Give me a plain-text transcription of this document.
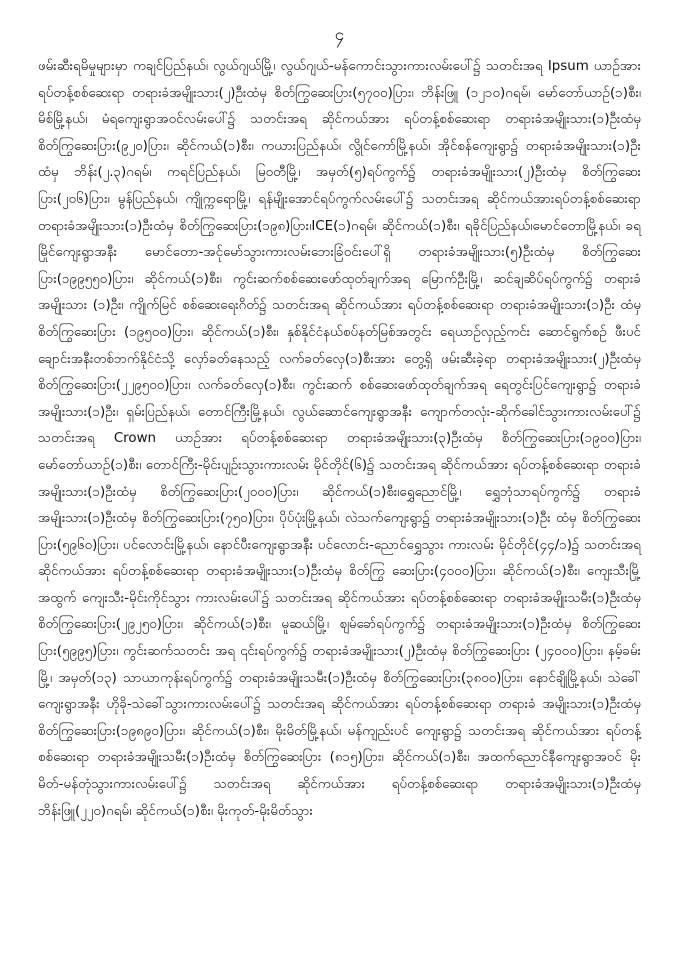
၄

ဖမ်းဆီးရမိမှုများမှာ ကချင်ပြည်နယ်၊ လွယ်ဂျယ်မြို့၊ လွယ်ဂျယ်-မန်ကောင်းသွားကားလမ်းပေါ်၌ သတင်းအရ Ipsum ယာဉ်အား ရပ်တန့်စစ်ဆေးရာ တရားခံအမျိုးသား(၂)ဦးထံမှ စိတ်ကြွဆေးပြား(၅၇၀၀)ပြား၊ ဘိန်းဖြူ (၁၂၁၀)ဂရမ်၊ မော်တော်ယာဉ်(၁)စီး၊ မိစ်မြို့နယ်၊ မံရကျေးရွာအဝင်လမ်းပေါ်၌ သတင်းအရ ဆိုင်ကယ်အား ရပ်တန့်စစ်ဆေးရာ တရားခံအမျိုးသား(၁)ဦးထံမှ စိတ်ကြွဆေးပြား(၉၂၀)ပြား၊ ဆိုင်ကယ်(၁)စီး၊ ကယားပြည်နယ်၊ လွိုင်ကော်မြို့နယ်၊ အိုင်စန်ကျေးရွာ၌ တရားခံအမျိုးသား(၁)ဦးထံမှ ဘိန်း(၂.၃)ဂရမ်၊ ကရင်ပြည်နယ်၊ မြဝတီမြို့၊ အမှတ်(၅)ရပ်ကွက်၌ တရားခံအမျိုးသား(၂)ဦးထံမှ စိတ်ကြွဆေးပြား(၂၀၆)ပြား၊ မွန်ပြည်နယ်၊ ကျိုက္ကရောမြို့၊ ရန်မျိုးအောင်ရပ်ကွက်လမ်းပေါ်၌ သတင်းအရ ဆိုင်ကယ်အားရပ်တန့်စစ်ဆေးရာ တရားခံအမျိုးသား(၁)ဦးထံမှ စိတ်ကြွဆေးပြား(၁၉၈)ပြား၊ICE(၁)ဂရမ်၊ ဆိုင်ကယ်(၁)စီး၊ ရခိုင်ပြည်နယ်၊မောင်တောမြို့နယ်၊ ခရမြိုင်ကျေးရွာအနီး မောင်တော-အင်ုမော်သွားကားလမ်းဘေးခြံဝင်းပေါ်ရှိ တရားခံအမျိုးသား(၅)ဦးထံမှ စိတ်ကြွဆေးပြား(၁၉၉၅၅၀)ပြား၊ ဆိုင်ကယ်(၁)စီး၊ ကွင်းဆက်စစ်ဆေးဖော်ထုတ်ချက်အရ မြောက်ဦးမြို့၊ ဆင်ချဆိပ်ရပ်ကွက်၌ တရားခံအမျိုးသား (၁)ဦး၊ ကျိုက်မြင် စစ်ဆေးရေးဂိတ်၌ သတင်းအရ ဆိုင်ကယ်အား ရပ်တန့်စစ်ဆေးရာ တရားခံအမျိုးသား(၁)ဦး ထံမှ စိတ်ကြွဆေးပြား (၁၉၅၀၀)ပြား၊ ဆိုင်ကယ်(၁)စီး၊ နှစ်နိုင်ငံနယ်စပ်နတ်မြစ်အတွင်း ရေယာဉ်လှည့်ကင်း ဆောင်ရွက်စဉ် ဖီးပင်ချောင်းအနီးတစ်ဘက်နိုင်ငံသို့ လှော်ခတ်နေသည့် လက်ခတ်လှေ(၁)စီးအား တွေ့ရှိ ဖမ်းဆီးခဲ့ရာ တရားခံအမျိုးသား(၂)ဦးထံမှ စိတ်ကြွဆေးပြား(၂၂၉၅၀၀)ပြား၊ လက်ခတ်လှေ(၁)စီး၊ ကွင်းဆက် စစ်ဆေးဖော်ထုတ်ချက်အရ ရေတွင်းပြင်ကျေးရွာ၌ တရားခံအမျိုးသား(၁)ဦး၊ ရှမ်းပြည်နယ်၊ တောင်ကြီးမြို့နယ်၊ လွယ်ဆောင်ကျေးရွာအနီး ကျောက်တလုံး-ဆိုက်ခေါင်သွားကားလမ်းပေါ်၌ သတင်းအရ Crown ယာဉ်အား ရပ်တန့်စစ်ဆေးရာ တရားခံအမျိုးသား(၃)ဦးထံမှ စိတ်ကြွဆေးပြား(၁၉၀၀)ပြား၊ မော်တော်ယာဉ်(၁)စီး၊ တောင်ကြီး-မိုင်းပျဉ်းသွားကားလမ်း မိုင်တိုင်(၆)၌ သတင်းအရ ဆိုင်ကယ်အား ရပ်တန့်စစ်ဆေးရာ တရားခံ အမျိုးသား(၁)ဦးထံမှ စိတ်ကြွဆေးပြား(၂၀၀၀)ပြား၊ ဆိုင်ကယ်(၁)စီး၊ရွှေညောင်မြို့၊ ရွှေဘုံသာရပ်ကွက်၌ တရားခံ အမျိုးသား(၁)ဦးထံမှ စိတ်ကြွဆေးပြား(၇၅၀)ပြား၊ ပိုပ်ပုံးမြို့နယ်၊ လဲသက်ကျေးရွာ၌ တရားခံအမျိုးသား(၁)ဦး ထံမှ စိတ်ကြွဆေးပြား(၅၉၆၀)ပြား၊ ပင်လောင်းမြို့နယ်၊ နောင်ပီးကျေးရွာအနီး ပင်လောင်း-ညောင်ရွှေသွား ကားလမ်း မိုင်တိုင်(၄၄/၁)၌ သတင်းအရ ဆိုင်ကယ်အား ရပ်တန့်စစ်ဆေးရာ တရားခံအမျိုးသား(၁)ဦးထံမှ စိတ်ကြွ ဆေးပြား(၄၀၀၀)ပြား၊ ဆိုင်ကယ်(၁)စီး၊ ကျေးသီးမြို့အထွက် ကျေးသီး-မိုင်းကိုင်သွား ကားလမ်းပေါ်၌ သတင်းအရ ဆိုင်ကယ်အား ရပ်တန့်စစ်ဆေးရာ တရားခံအမျိုးသမီး(၁)ဦးထံမှ စိတ်ကြွဆေးပြား(၂၉၂၅၀)ပြား၊ ဆိုင်ကယ်(၁)စီး၊ မူဆယ်မြို့၊ ဈမ်ခော်ရပ်ကွက်၌ တရားခံအမျိုးသား(၁)ဦးထံမှ စိတ်ကြွဆေးပြား(၅၉၉၅)ပြား၊ ကွင်းဆက်သတင်း အရ ၎င်းရပ်ကွက်၌ တရားခံအမျိုးသား(၂)ဦးထံမှ စိတ်ကြွဆေးပြား (၂၄၀၀၀)ပြား၊ နမ့်ခမ်းမြို့၊ အမှတ်(၁၃) သာယာကုန်းရပ်ကွက်၌ တရားခံအမျိုးသမီး(၁)ဦးထံမှ စိတ်ကြွဆေးပြား(၃၈၀၀)ပြား၊ နောင်ချိုမြို့နယ်၊ သဲခေါ်ကျေးရွာအနီး ဟိုခို-သဲခေါ်သွားကားလမ်းပေါ်၌ သတင်းအရ ဆိုင်ကယ်အား ရပ်တန့်စစ်ဆေးရာ တရားခံ အမျိုးသား(၁)ဦးထံမှ စိတ်ကြွဆေးပြား(၁၉၈၉၀)ပြား၊ ဆိုင်ကယ်(၁)စီး၊ မိုးမိတ်မြို့နယ်၊ မန်ကျည်းပင် ကျေးရွာ၌ သတင်းအရ ဆိုင်ကယ်အား ရပ်တန့်စစ်ဆေးရာ တရားခံအမျိုးသမီး(၁)ဦးထံမှ စိတ်ကြွဆေးပြား (၈၁၅)ပြား၊ ဆိုင်ကယ်(၁)စီး၊ အထက်ညောင်နီကျေးရွာအဝင် မိုးမိတ်-မန်တုံသွားကားလမ်းပေါ်၌ သတင်းအရ ဆိုင်ကယ်အား ရပ်တန့်စစ်ဆေးရာ တရားခံအမျိုးသား(၁)ဦးထံမှ ဘိန်းဖြူ(၂၂၀)ဂရမ်၊ ဆိုင်ကယ်(၁)စီး၊ မိုးကုတ်-မိုးမိတ်သွား
